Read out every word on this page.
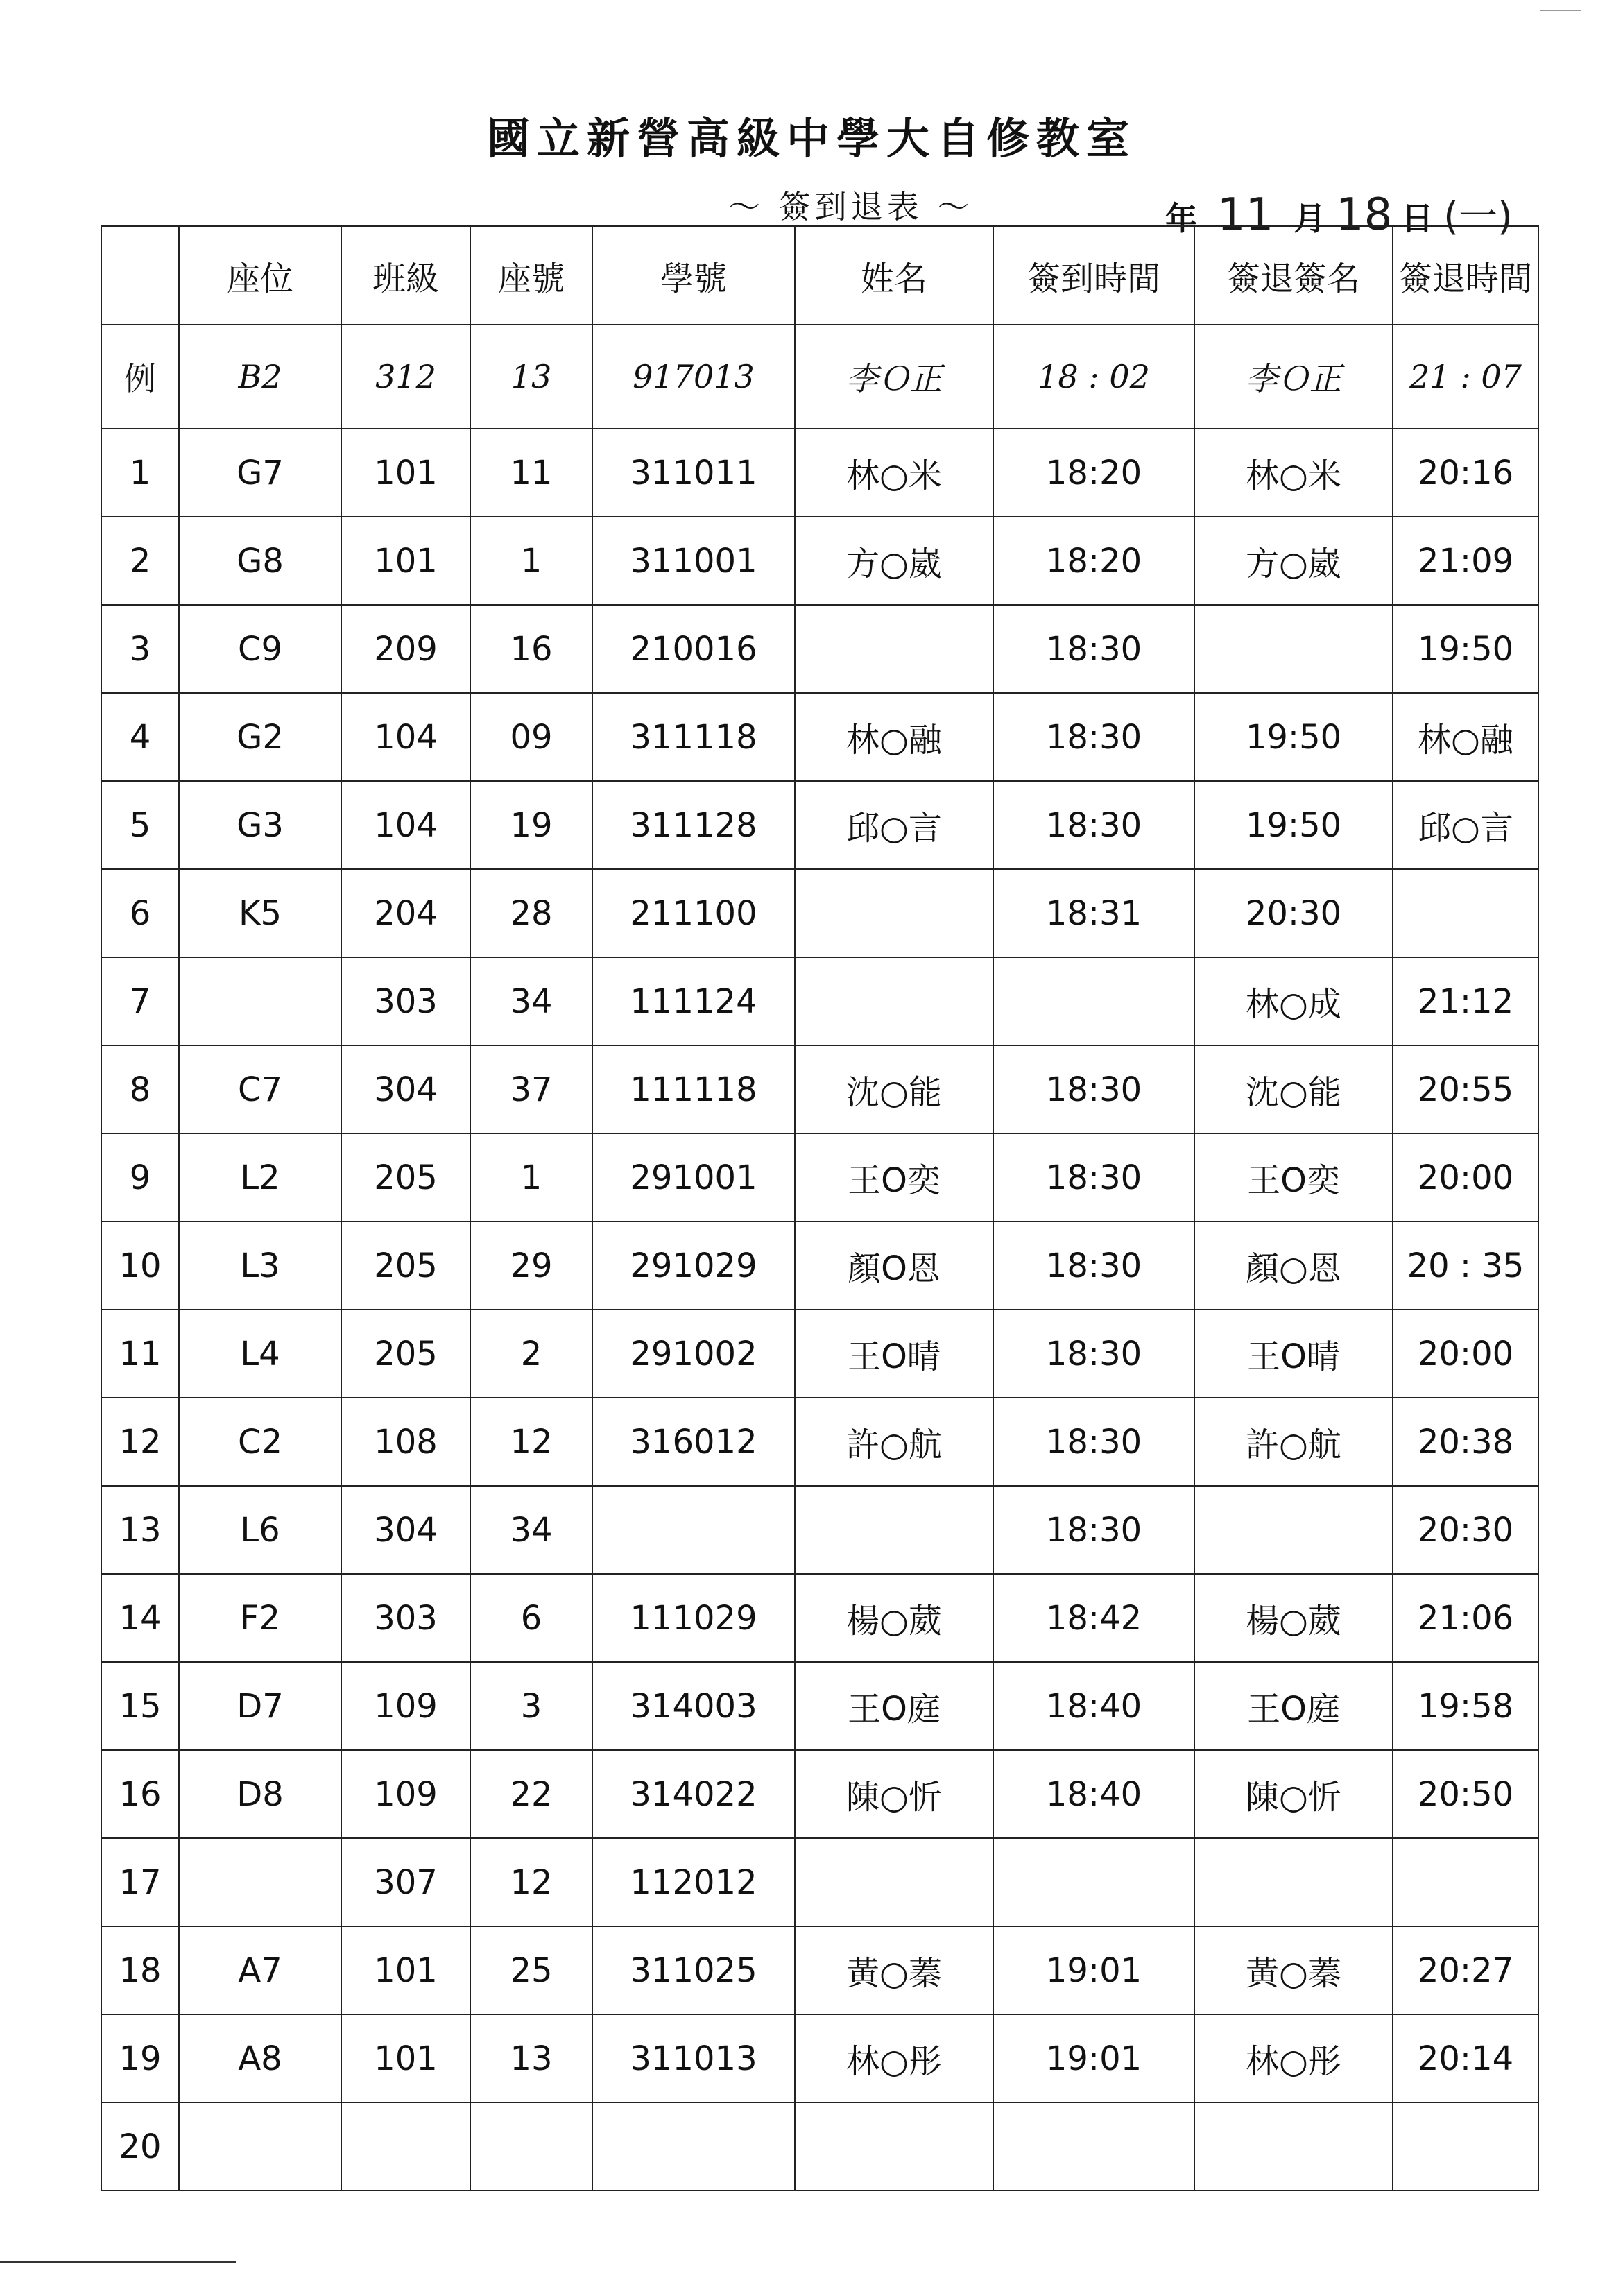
國立新營高級中學大自修教室
～ 簽到退表 ～	年 11 月 18 日 (一)
	座位	班級	座號	學號	姓名	簽到時間	簽退簽名	簽退時間
例	B2	312	13	917013	李Ｏ正	18 : 02	李Ｏ正	21 : 07
1	G7	101	11	311011	林○米	18:20	林○米	20:16
2	G8	101	1	311001	方○崴	18:20	方○崴	21:09
3	C9	209	16	210016		18:30		19:50
4	G2	104	09	311118	林○融	18:30	19:50	林○融
5	G3	104	19	311128	邱○言	18:30	19:50	邱○言
6	K5	204	28	211100		18:31	20:30	
7		303	34	111124			林○成	21:12
8	C7	304	37	111118	沈○能	18:30	沈○能	20:55
9	L2	205	1	291001	王O奕	18:30	王O奕	20:00
10	L3	205	29	291029	顏O恩	18:30	顏○恩	20 : 35
11	L4	205	2	291002	王O晴	18:30	王O晴	20:00
12	C2	108	12	316012	許○航	18:30	許○航	20:38
13	L6	304	34			18:30		20:30
14	F2	303	6	111029	楊○葳	18:42	楊○葳	21:06
15	D7	109	3	314003	王O庭	18:40	王O庭	19:58
16	D8	109	22	314022	陳○忻	18:40	陳○忻	20:50
17		307	12	112012				
18	A7	101	25	311025	黃○蓁	19:01	黃○蓁	20:27
19	A8	101	13	311013	林○彤	19:01	林○彤	20:14
20								
